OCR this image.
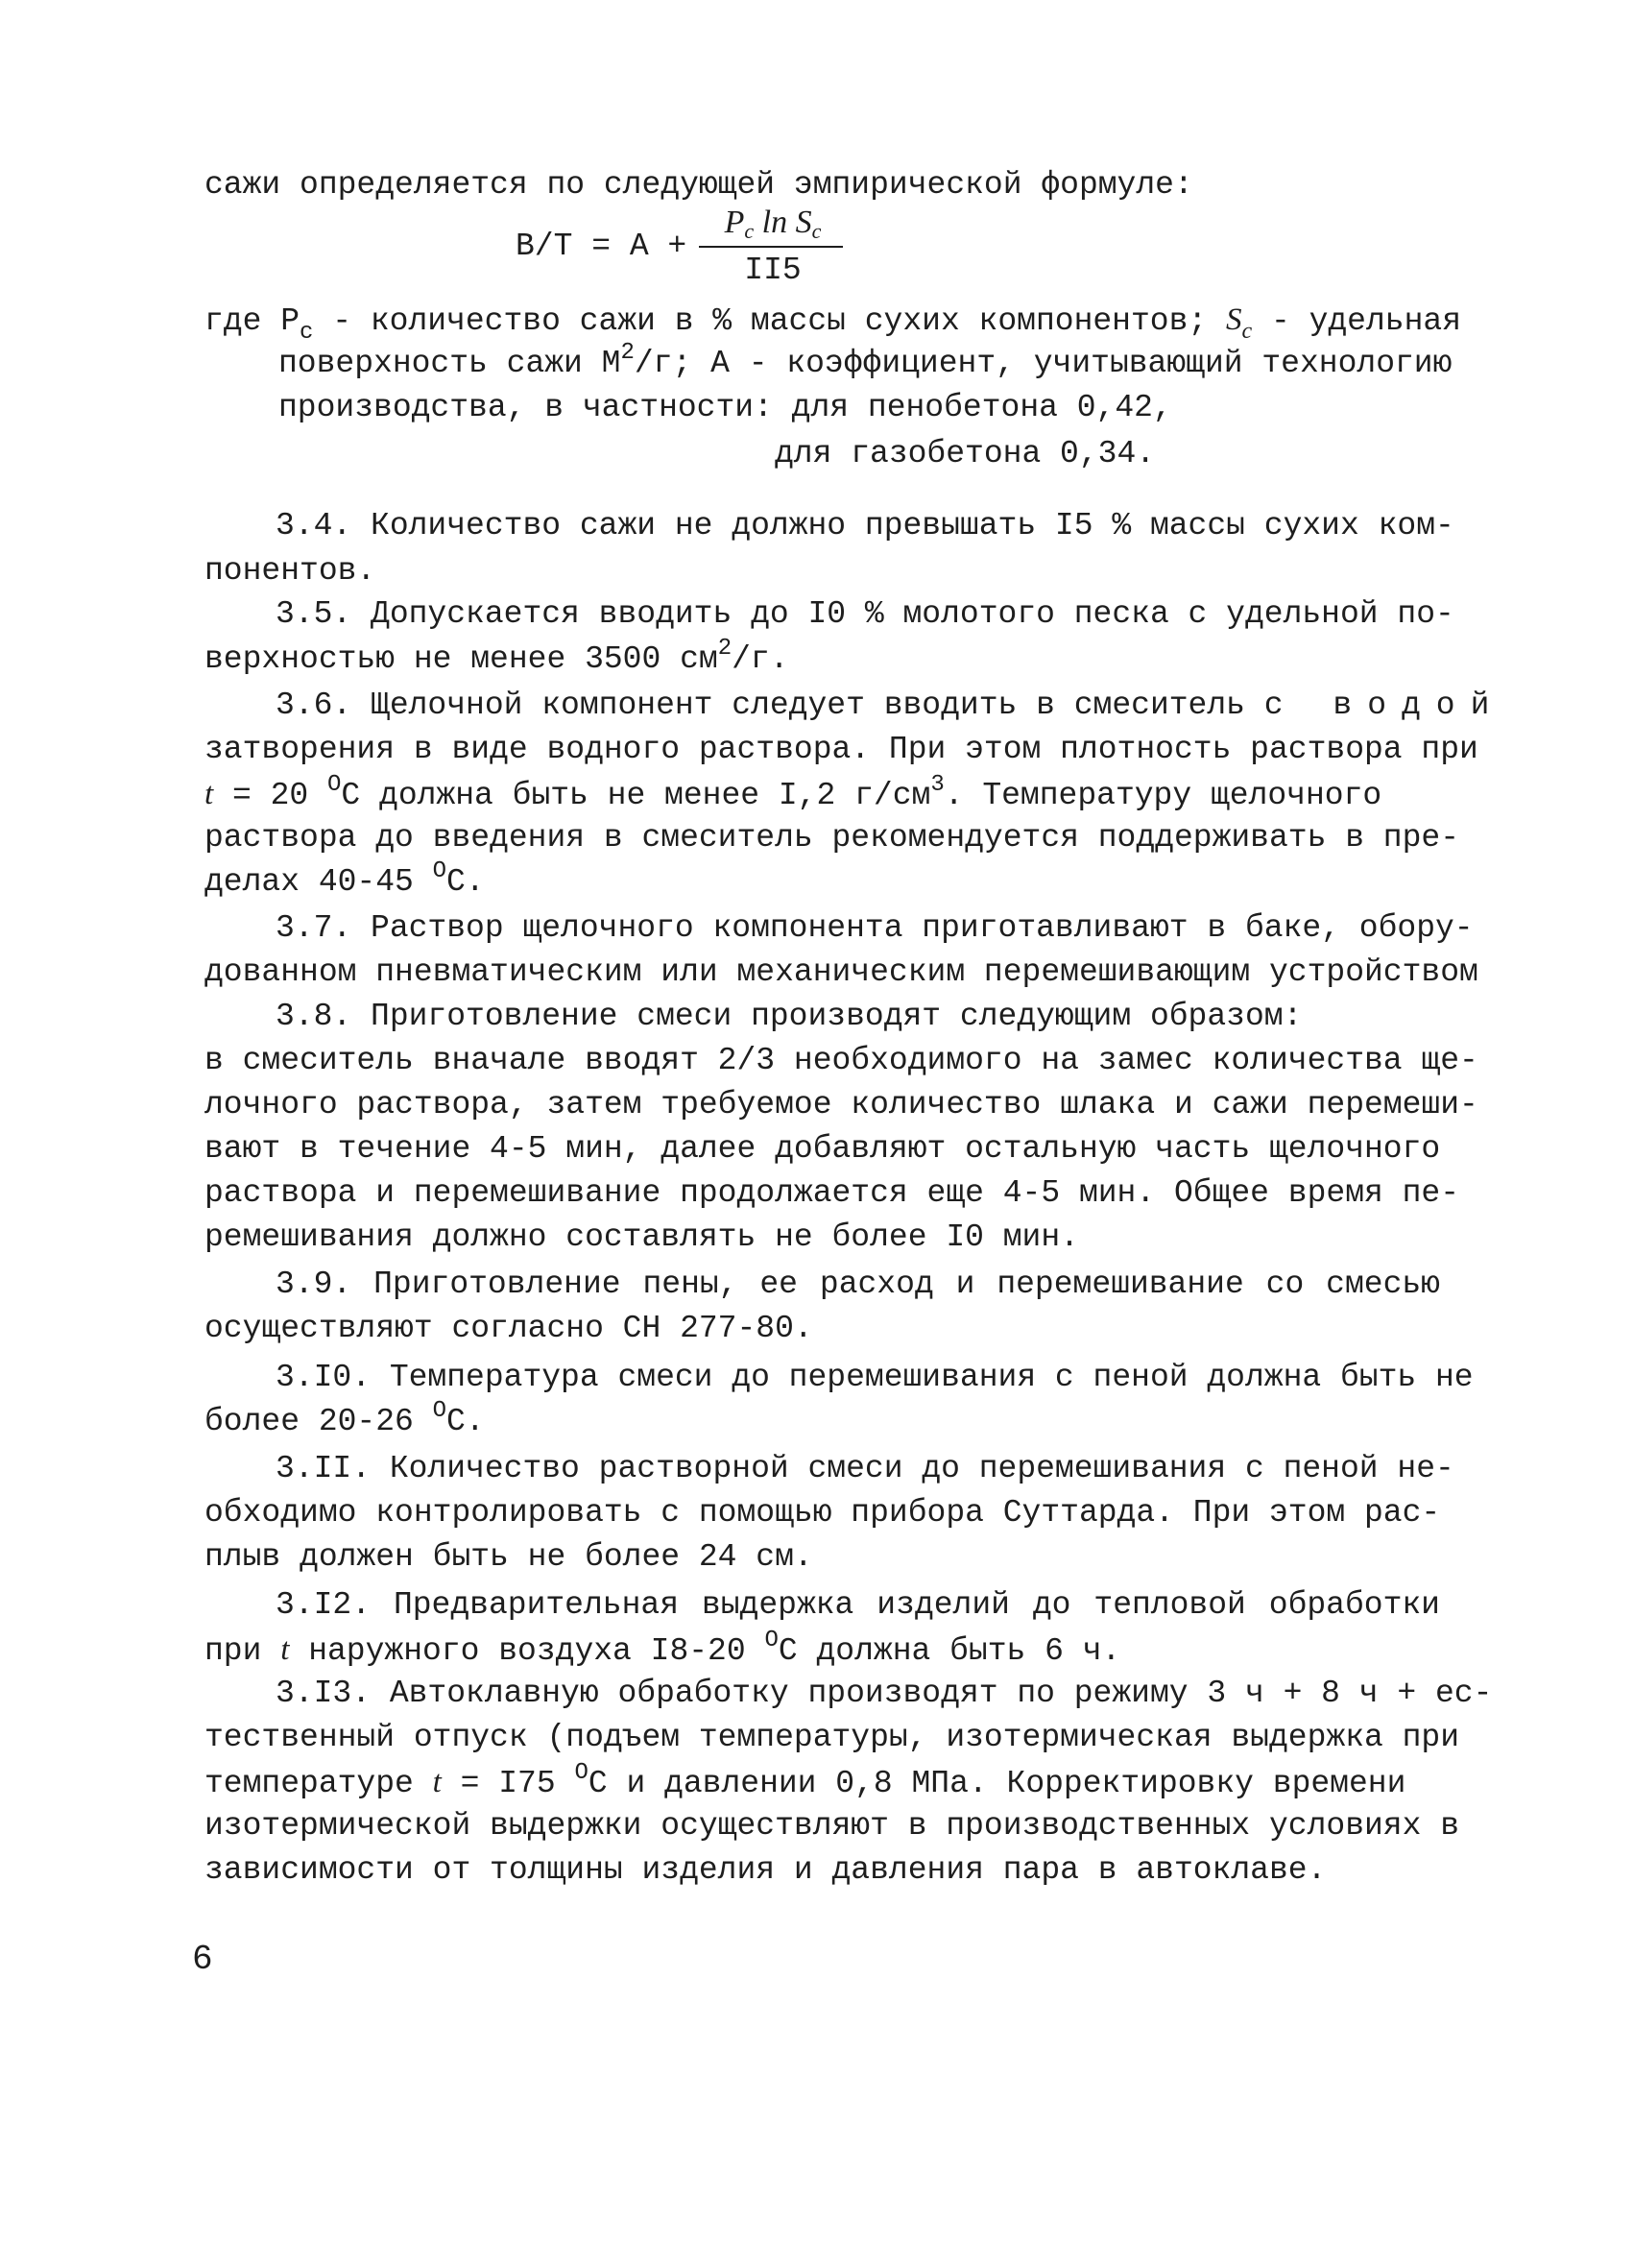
сажи определяется по следующей эмпирической формуле:
В/Т = А +
Pc ln Sc
II5
где $Р_с$ - количество сажи в % массы сухих компонентов; $S_c$ - удельная
поверхность сажи $М^2/г$; А - коэффициент, учитывающий технологию
производства, в частности: для пенобетона 0,42,
для газобетона 0,34.
3.4. Количество сажи не должно превышать I5 % массы сухих ком-
понентов.
3.5. Допускается вводить до I0 % молотого песка с удельной по-
верхностью не менее 3500 $см^2/г$.
3.6. Щелочной компонент следует вводить в смеситель с водой
затворения в виде водного раствора. При этом плотность раствора при
t = 20 $^О$С должна быть не менее I,2 $г/см^3$. Температуру щелочного
раствора до введения в смеситель рекомендуется поддерживать в пре-
делах 40-45 $^О$С.
3.7. Раствор щелочного компонента приготавливают в баке, обору-
дованном пневматическим или механическим перемешивающим устройством
3.8. Приготовление смеси производят следующим образом:
в смеситель вначале вводят 2/3 необходимого на замес количества ще-
лочного раствора, затем требуемое количество шлака и сажи перемеши-
вают в течение 4-5 мин, далее добавляют остальную часть щелочного
раствора и перемешивание продолжается еще 4-5 мин. Общее время пе-
ремешивания должно составлять не более I0 мин.
3.9. Приготовление пены, ее расход и перемешивание со смесью
осуществляют согласно СН 277-80.
3.I0. Температура смеси до перемешивания с пеной должна быть не
более 20-26 $^О$С.
3.II. Количество растворной смеси до перемешивания с пеной не-
обходимо контролировать с помощью прибора Суттарда. При этом рас-
плыв должен быть не более 24 см.
3.I2. Предварительная выдержка изделий до тепловой обработки
при t наружного воздуха I8-20 $^О$С должна быть 6 ч.
3.I3. Автоклавную обработку производят по режиму 3 ч + 8 ч + ес-
тественный отпуск (подъем температуры, изотермическая выдержка при
температуре t = I75 $^О$С и давлении 0,8 МПа. Корректировку времени
изотермической выдержки осуществляют в производственных условиях в
зависимости от толщины изделия и давления пара в автоклаве.
6
